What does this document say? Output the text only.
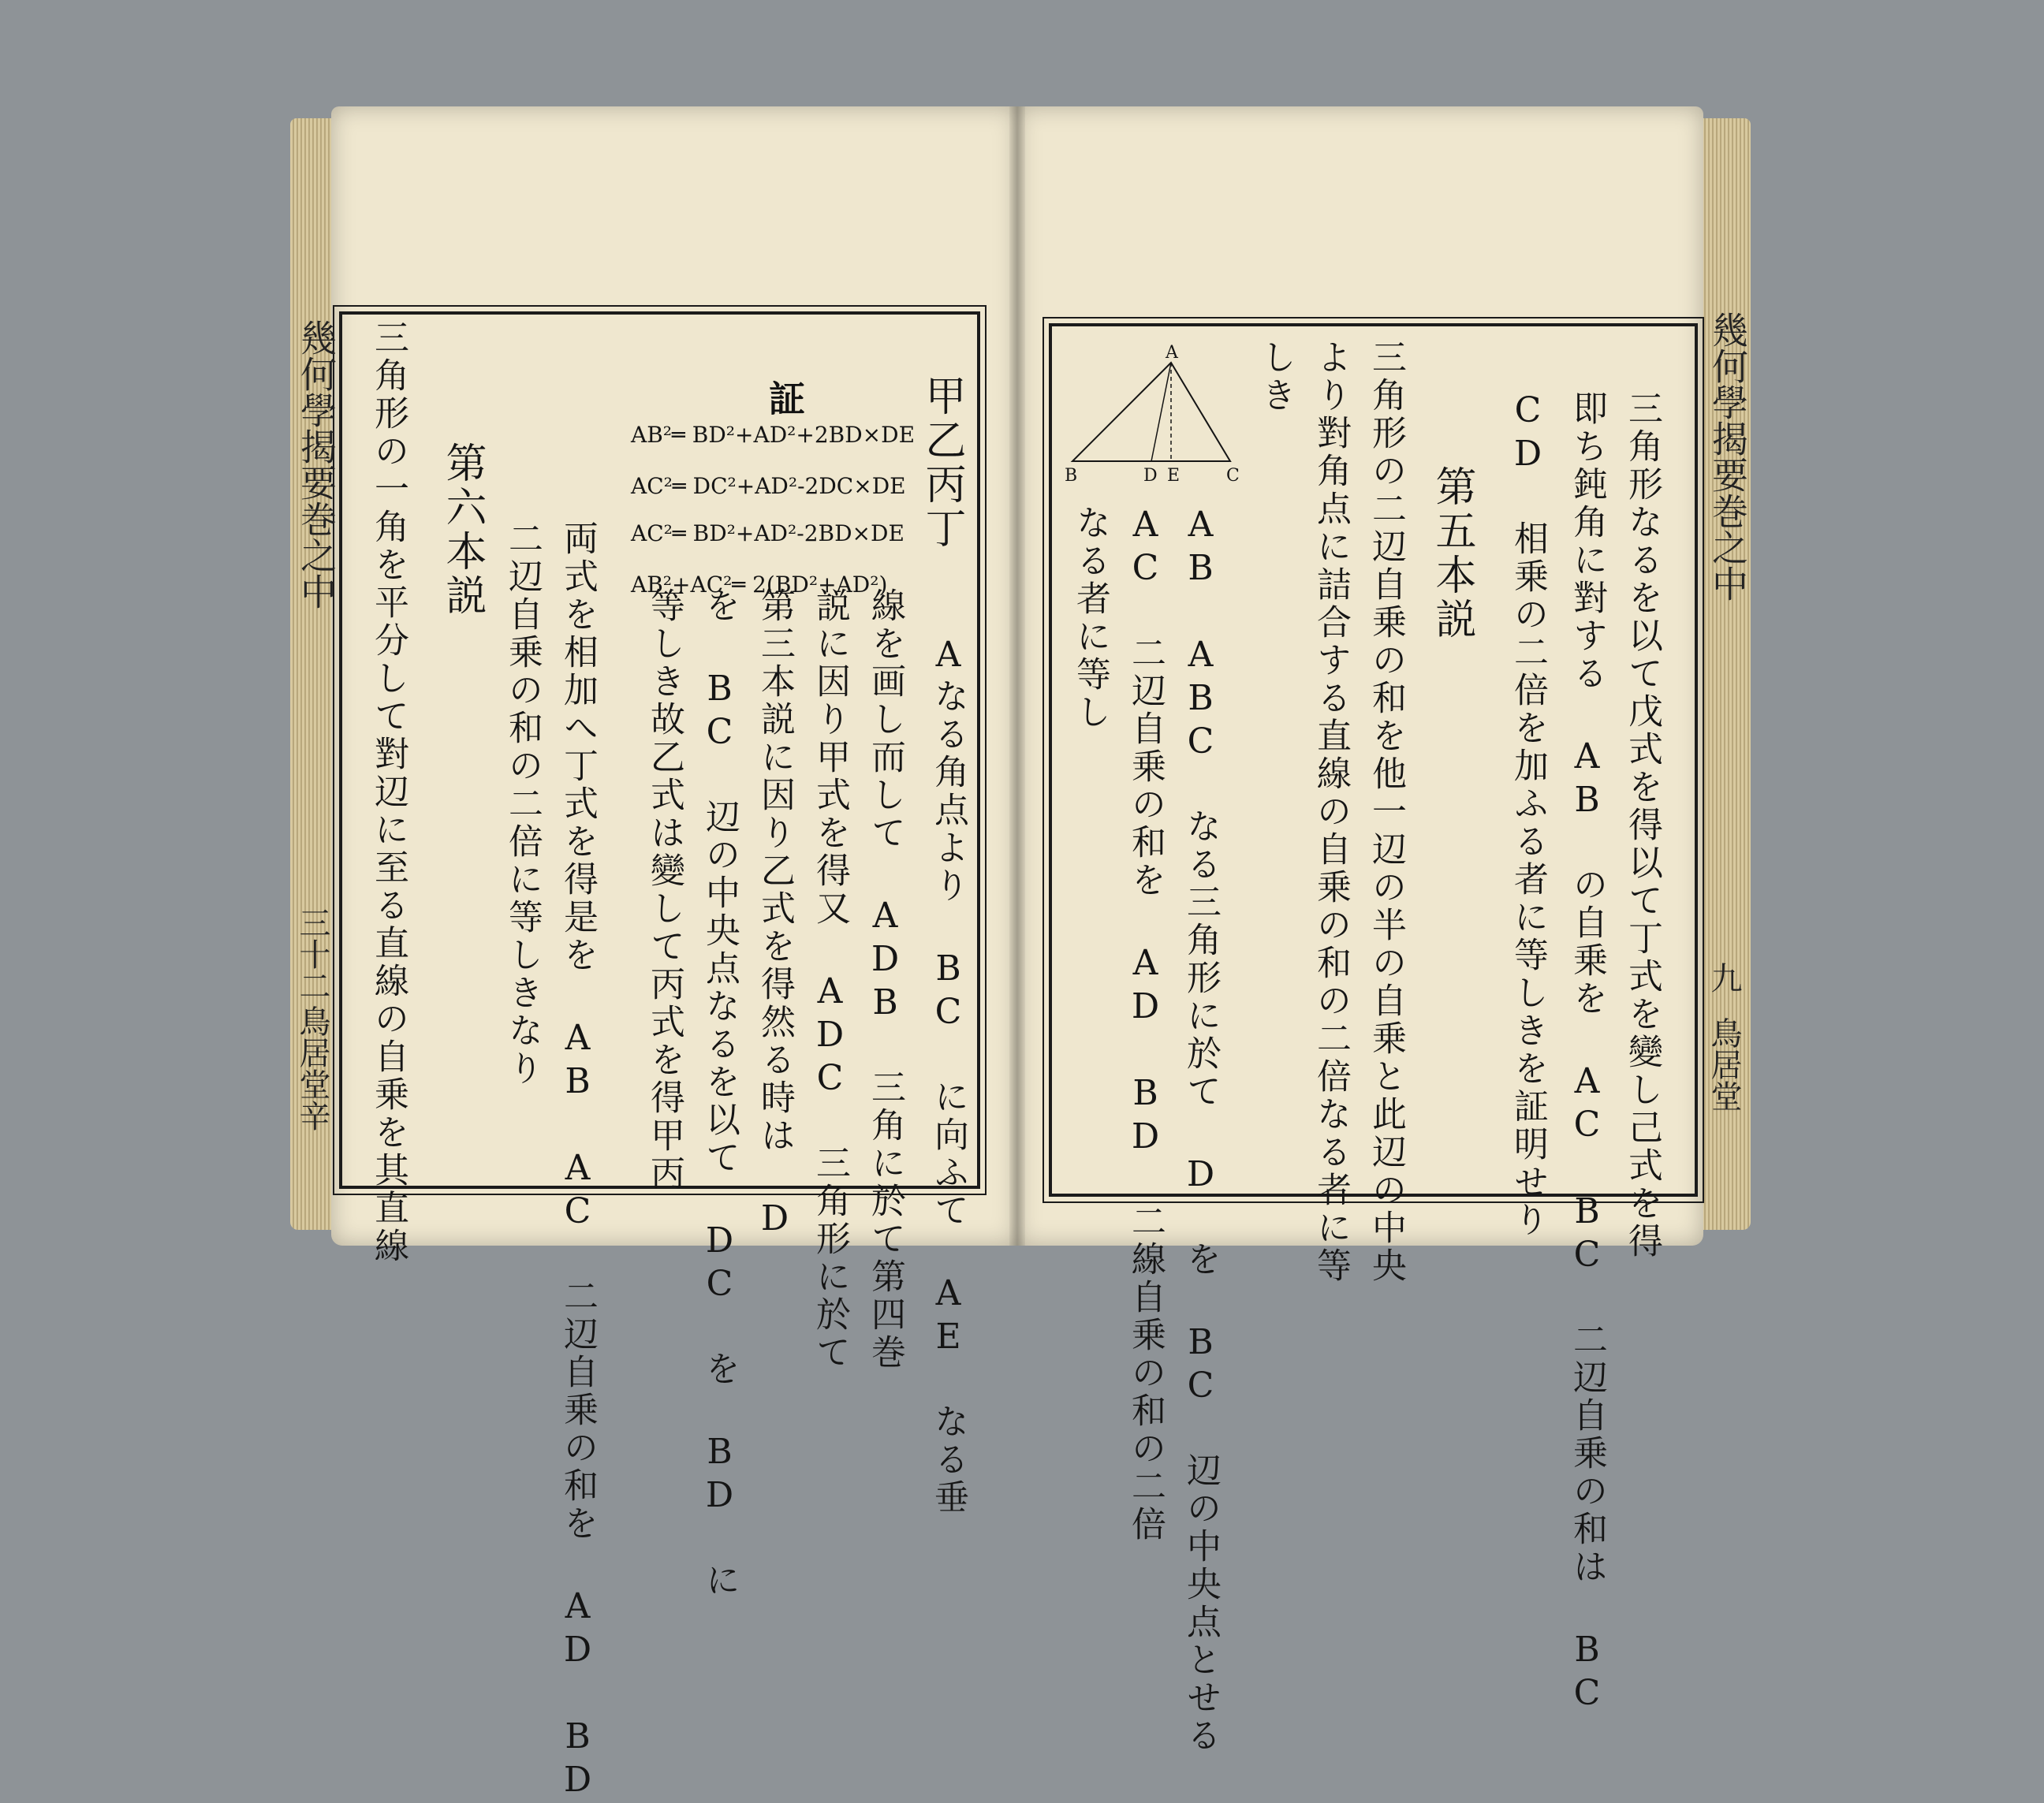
幾何學揭要巻之中
三十二
鳥居堂辛
甲乙丙丁
Aなる角点より BC に向ふて AE なる垂
線を画し而して ADB 三角に於て第四巻
説に因り甲式を得又 ADC 三角形に於て
第三本説に因り乙式を得然る時は D
を BC 辺の中央点なるを以て DC を BD に
等しき故乙式は變して丙式を得甲丙
両式を相加へ丁式を得是を AB AC 二辺自乗の和を AD BD
二辺自乗の和の二倍に等しきなり
第六本説
三角形の一角を平分して對辺に至る直線の自乗を其直線	証
AB²═ BD²+AD²+2BD×DE
AC²═ DC²+AD²-2DC×DE
AC²═ BD²+AD²-2BD×DE
AB²+AC²═ 2(BD²+AD²)	幾何學揭要巻之中
九
鳥居堂
三角形なるを以て戊式を得以て丁式を變し己式を得
即ち鈍角に對する AB の自乗を AC BC 二辺自乗の和は BC
CD 相乗の二倍を加ふる者に等しきを証明せり
第五本説
三角形の二辺自乗の和を他一辺の半の自乗と此辺の中央
より對角点に詰合する直線の自乗の和の二倍なる者に等
しき
AB ABC なる三角形に於て D を BC 辺の中央点とせる
AC 二辺自乗の和を AD BD 二線自乗の和の二倍
なる者に等し
A
B	D E	C
